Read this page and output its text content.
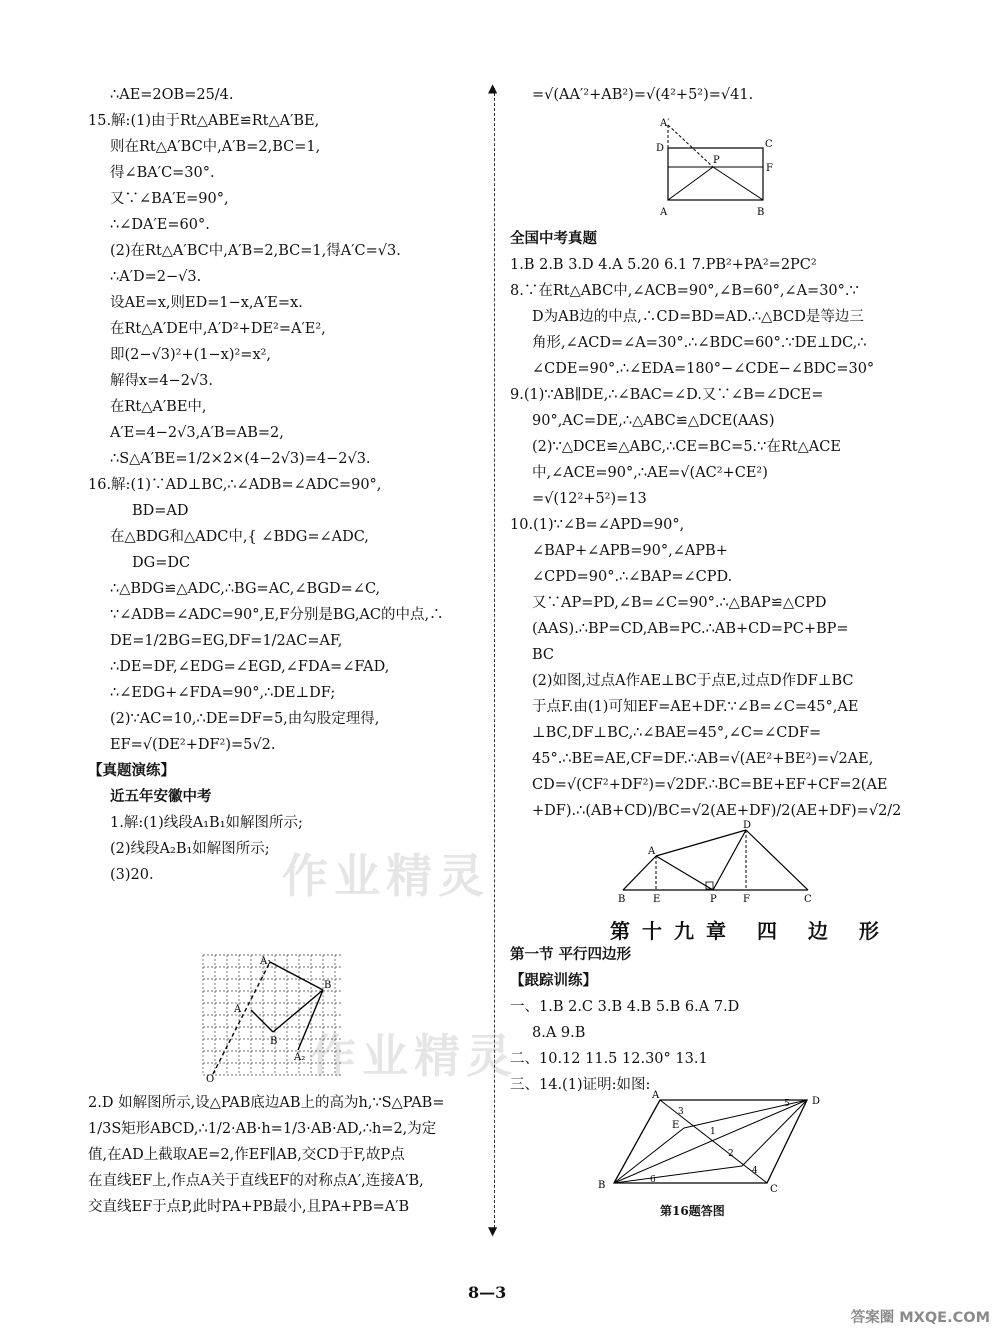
作业精灵
作业精灵
∴AE=2OB=25/4.
15.解:(1)由于Rt△ABE≌Rt△A′BE,
则在Rt△A′BC中,A′B=2,BC=1,
得∠BA′C=30°.
又∵∠BA′E=90°,
∴∠DA′E=60°.
(2)在Rt△A′BC中,A′B=2,BC=1,得A′C=√3.
∴A′D=2−√3.
设AE=x,则ED=1−x,A′E=x.
在Rt△A′DE中,A′D²+DE²=A′E²,
即(2−√3)²+(1−x)²=x²,
解得x=4−2√3.
在Rt△A′BE中,
A′E=4−2√3,A′B=AB=2,
∴S△A′BE=1/2×2×(4−2√3)=4−2√3.
16.解:(1)∵AD⊥BC,∴∠ADB=∠ADC=90°,
BD=AD
在△BDG和△ADC中,{ ∠BDG=∠ADC,
DG=DC
∴△BDG≌△ADC,∴BG=AC,∠BGD=∠C,
∵∠ADB=∠ADC=90°,E,F分别是BG,AC的中点,∴
DE=1/2BG=EG,DF=1/2AC=AF,
∴DE=DF,∠EDG=∠EGD,∠FDA=∠FAD,
∴∠EDG+∠FDA=90°,∴DE⊥DF;
(2)∵AC=10,∴DE=DF=5,由勾股定理得,
EF=√(DE²+DF²)=5√2.
【真题演练】
近五年安徽中考
1.解:(1)线段A₁B₁如解图所示;
(2)线段A₂B₁如解图所示;
(3)20.
A₁
B
A
B
A₂
O
2.D 如解图所示,设△PAB底边AB上的高为h,∵S△PAB=
1/3S矩形ABCD,∴1/2·AB·h=1/3·AB·AD,∴h=2,为定
值,在AD上截取AE=2,作EF∥AB,交CD于F,故P点
在直线EF上,作点A关于直线EF的对称点A′,连接A′B,
交直线EF于点P,此时PA+PB最小,且PA+PB=A′B
▲
▼
=√(AA′²+AB²)=√(4²+5²)=√41.
A′
D	C
P
F
A	B
全国中考真题
1.B 2.B 3.D 4.A 5.20 6.1 7.PB²+PA²=2PC²
8.∵在Rt△ABC中,∠ACB=90°,∠B=60°,∠A=30°.∵
D为AB边的中点,∴CD=BD=AD.∴△BCD是等边三
角形,∠ACD=∠A=30°.∴∠BDC=60°.∵DE⊥DC,∴
∠CDE=90°.∴∠EDA=180°−∠CDE−∠BDC=30°
9.(1)∵AB∥DE,∴∠BAC=∠D.又∵∠B=∠DCE=
90°,AC=DE,∴△ABC≌△DCE(AAS)
(2)∵△DCE≌△ABC,∴CE=BC=5.∵在Rt△ACE
中,∠ACE=90°,∴AE=√(AC²+CE²)
=√(12²+5²)=13
10.(1)∵∠B=∠APD=90°,
∠BAP+∠APB=90°,∠APB+
∠CPD=90°.∴∠BAP=∠CPD.
又∵AP=PD,∠B=∠C=90°.∴△BAP≌△CPD
(AAS).∴BP=CD,AB=PC.∴AB+CD=PC+BP=
BC
(2)如图,过点A作AE⊥BC于点E,过点D作DF⊥BC
于点F.由(1)可知EF=AE+DF.∵∠B=∠C=45°,AE
⊥BC,DF⊥BC,∴∠BAE=45°,∠C=∠CDF=
45°.∴BE=AE,CF=DF.∴AB=√(AE²+BE²)=√2AE,
CD=√(CF²+DF²)=√2DF.∴BC=BE+EF+CF=2(AE
+DF).∴(AB+CD)/BC=√2(AE+DF)/2(AE+DF)=√2/2
A
D
B	E	P	F	C
第十九章 四 边 形
第一节 平行四边形
【跟踪训练】
一、1.B 2.C 3.B 4.B 5.B 6.A 7.D
8.A 9.B
二、10.12 11.5 12.30° 13.1
三、14.(1)证明:如图:
A
D
B	C
E
3
1
2
4
5
6
第16题答图
8—3
答案圈 MXQE.COM
